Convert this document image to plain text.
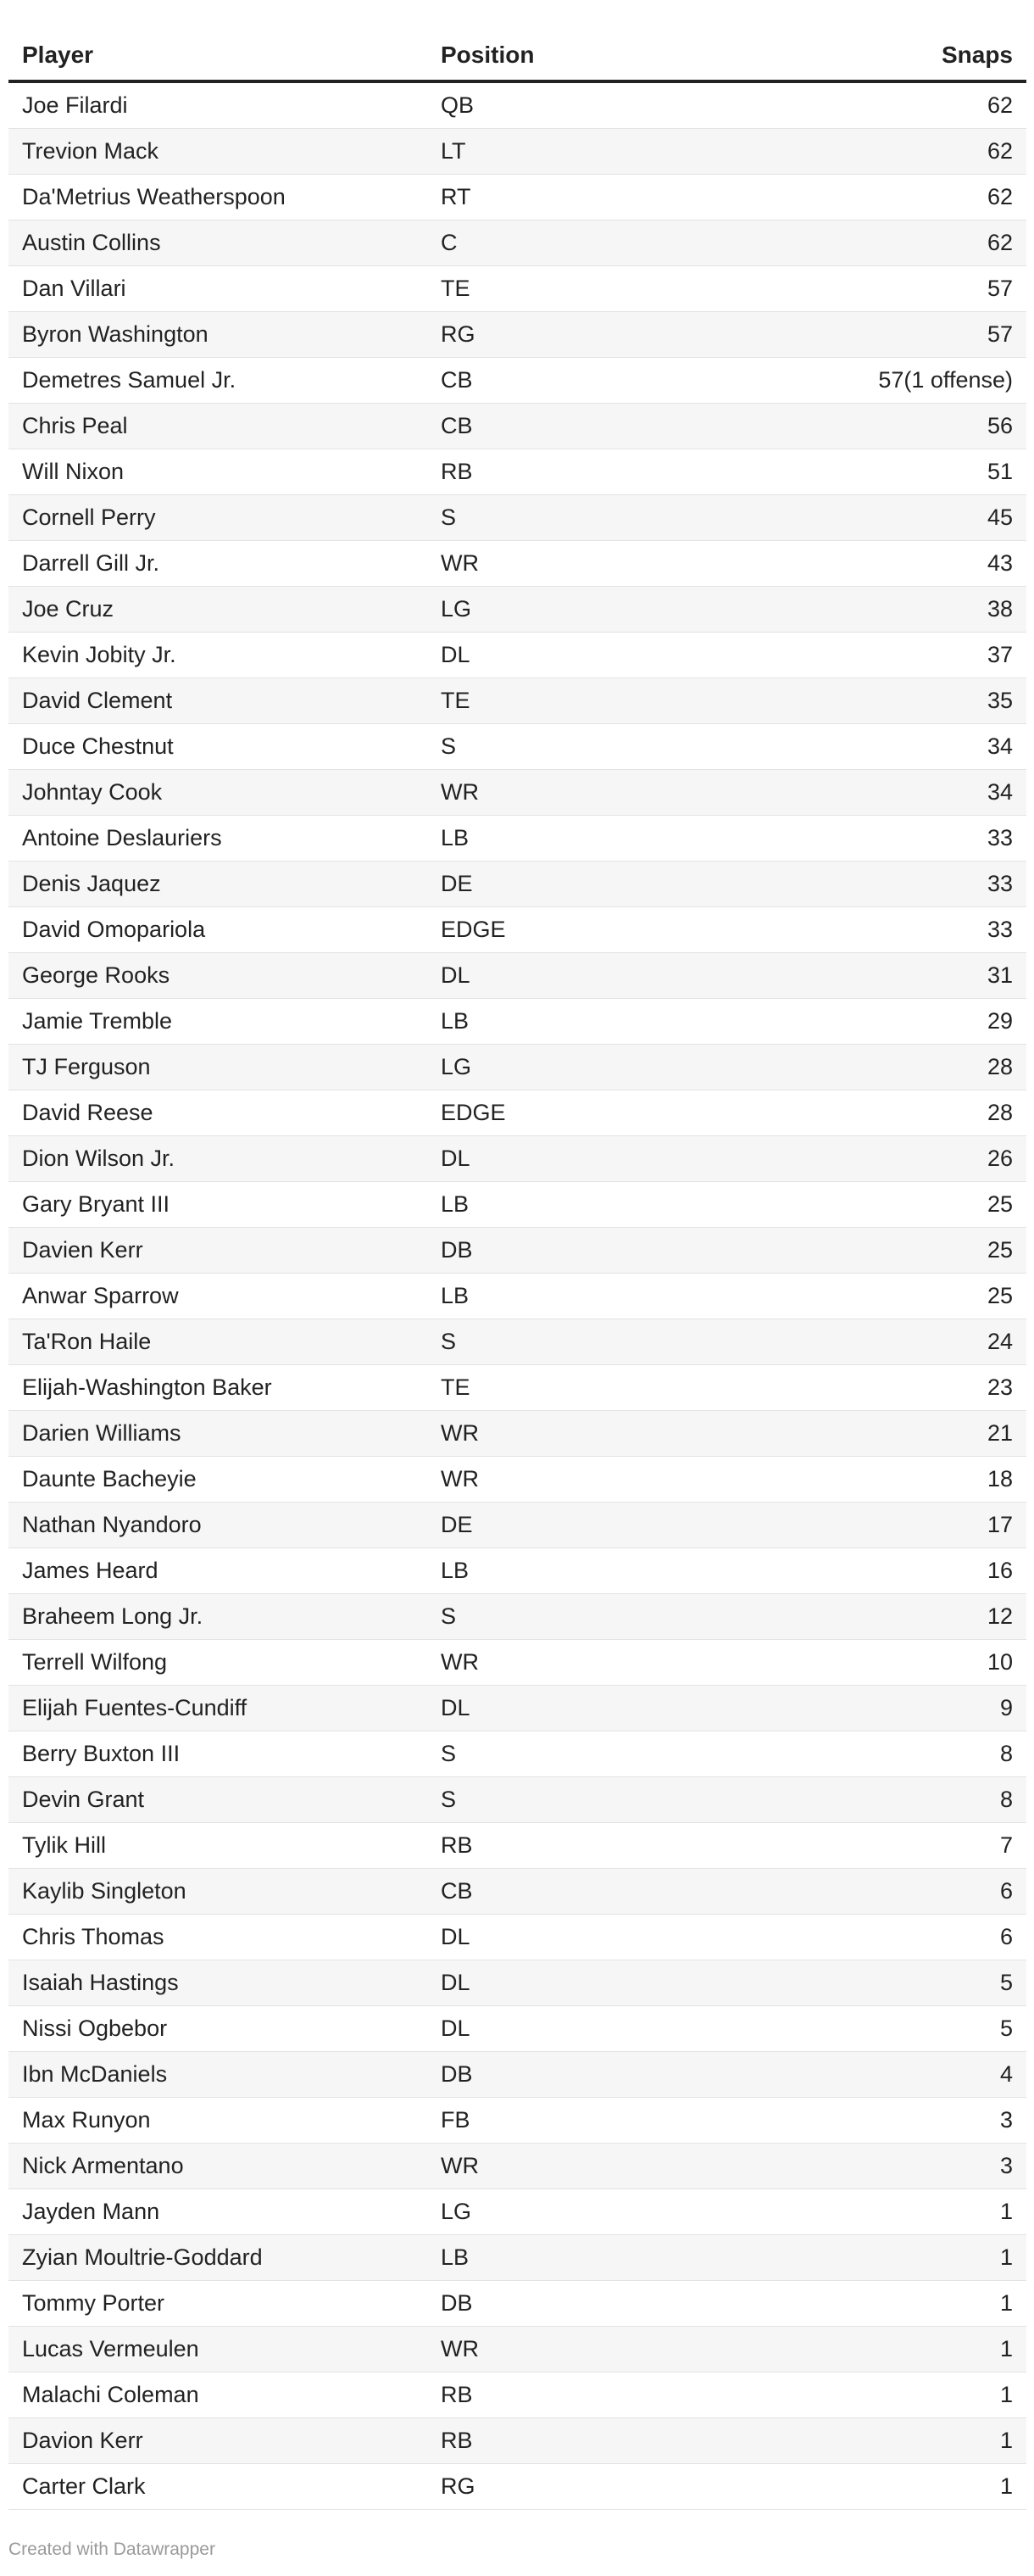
Player	Position	Snaps
Joe Filardi	QB	62
Trevion Mack	LT	62
Da'Metrius Weatherspoon	RT	62
Austin Collins	C	62
Dan Villari	TE	57
Byron Washington	RG	57
Demetres Samuel Jr.	CB	57(1 offense)
Chris Peal	CB	56
Will Nixon	RB	51
Cornell Perry	S	45
Darrell Gill Jr.	WR	43
Joe Cruz	LG	38
Kevin Jobity Jr.	DL	37
David Clement	TE	35
Duce Chestnut	S	34
Johntay Cook	WR	34
Antoine Deslauriers	LB	33
Denis Jaquez	DE	33
David Omopariola	EDGE	33
George Rooks	DL	31
Jamie Tremble	LB	29
TJ Ferguson	LG	28
David Reese	EDGE	28
Dion Wilson Jr.	DL	26
Gary Bryant III	LB	25
Davien Kerr	DB	25
Anwar Sparrow	LB	25
Ta'Ron Haile	S	24
Elijah-Washington Baker	TE	23
Darien Williams	WR	21
Daunte Bacheyie	WR	18
Nathan Nyandoro	DE	17
James Heard	LB	16
Braheem Long Jr.	S	12
Terrell Wilfong	WR	10
Elijah Fuentes-Cundiff	DL	9
Berry Buxton III	S	8
Devin Grant	S	8
Tylik Hill	RB	7
Kaylib Singleton	CB	6
Chris Thomas	DL	6
Isaiah Hastings	DL	5
Nissi Ogbebor	DL	5
Ibn McDaniels	DB	4
Max Runyon	FB	3
Nick Armentano	WR	3
Jayden Mann	LG	1
Zyian Moultrie-Goddard	LB	1
Tommy Porter	DB	1
Lucas Vermeulen	WR	1
Malachi Coleman	RB	1
Davion Kerr	RB	1
Carter Clark	RG	1
Created with Datawrapper
